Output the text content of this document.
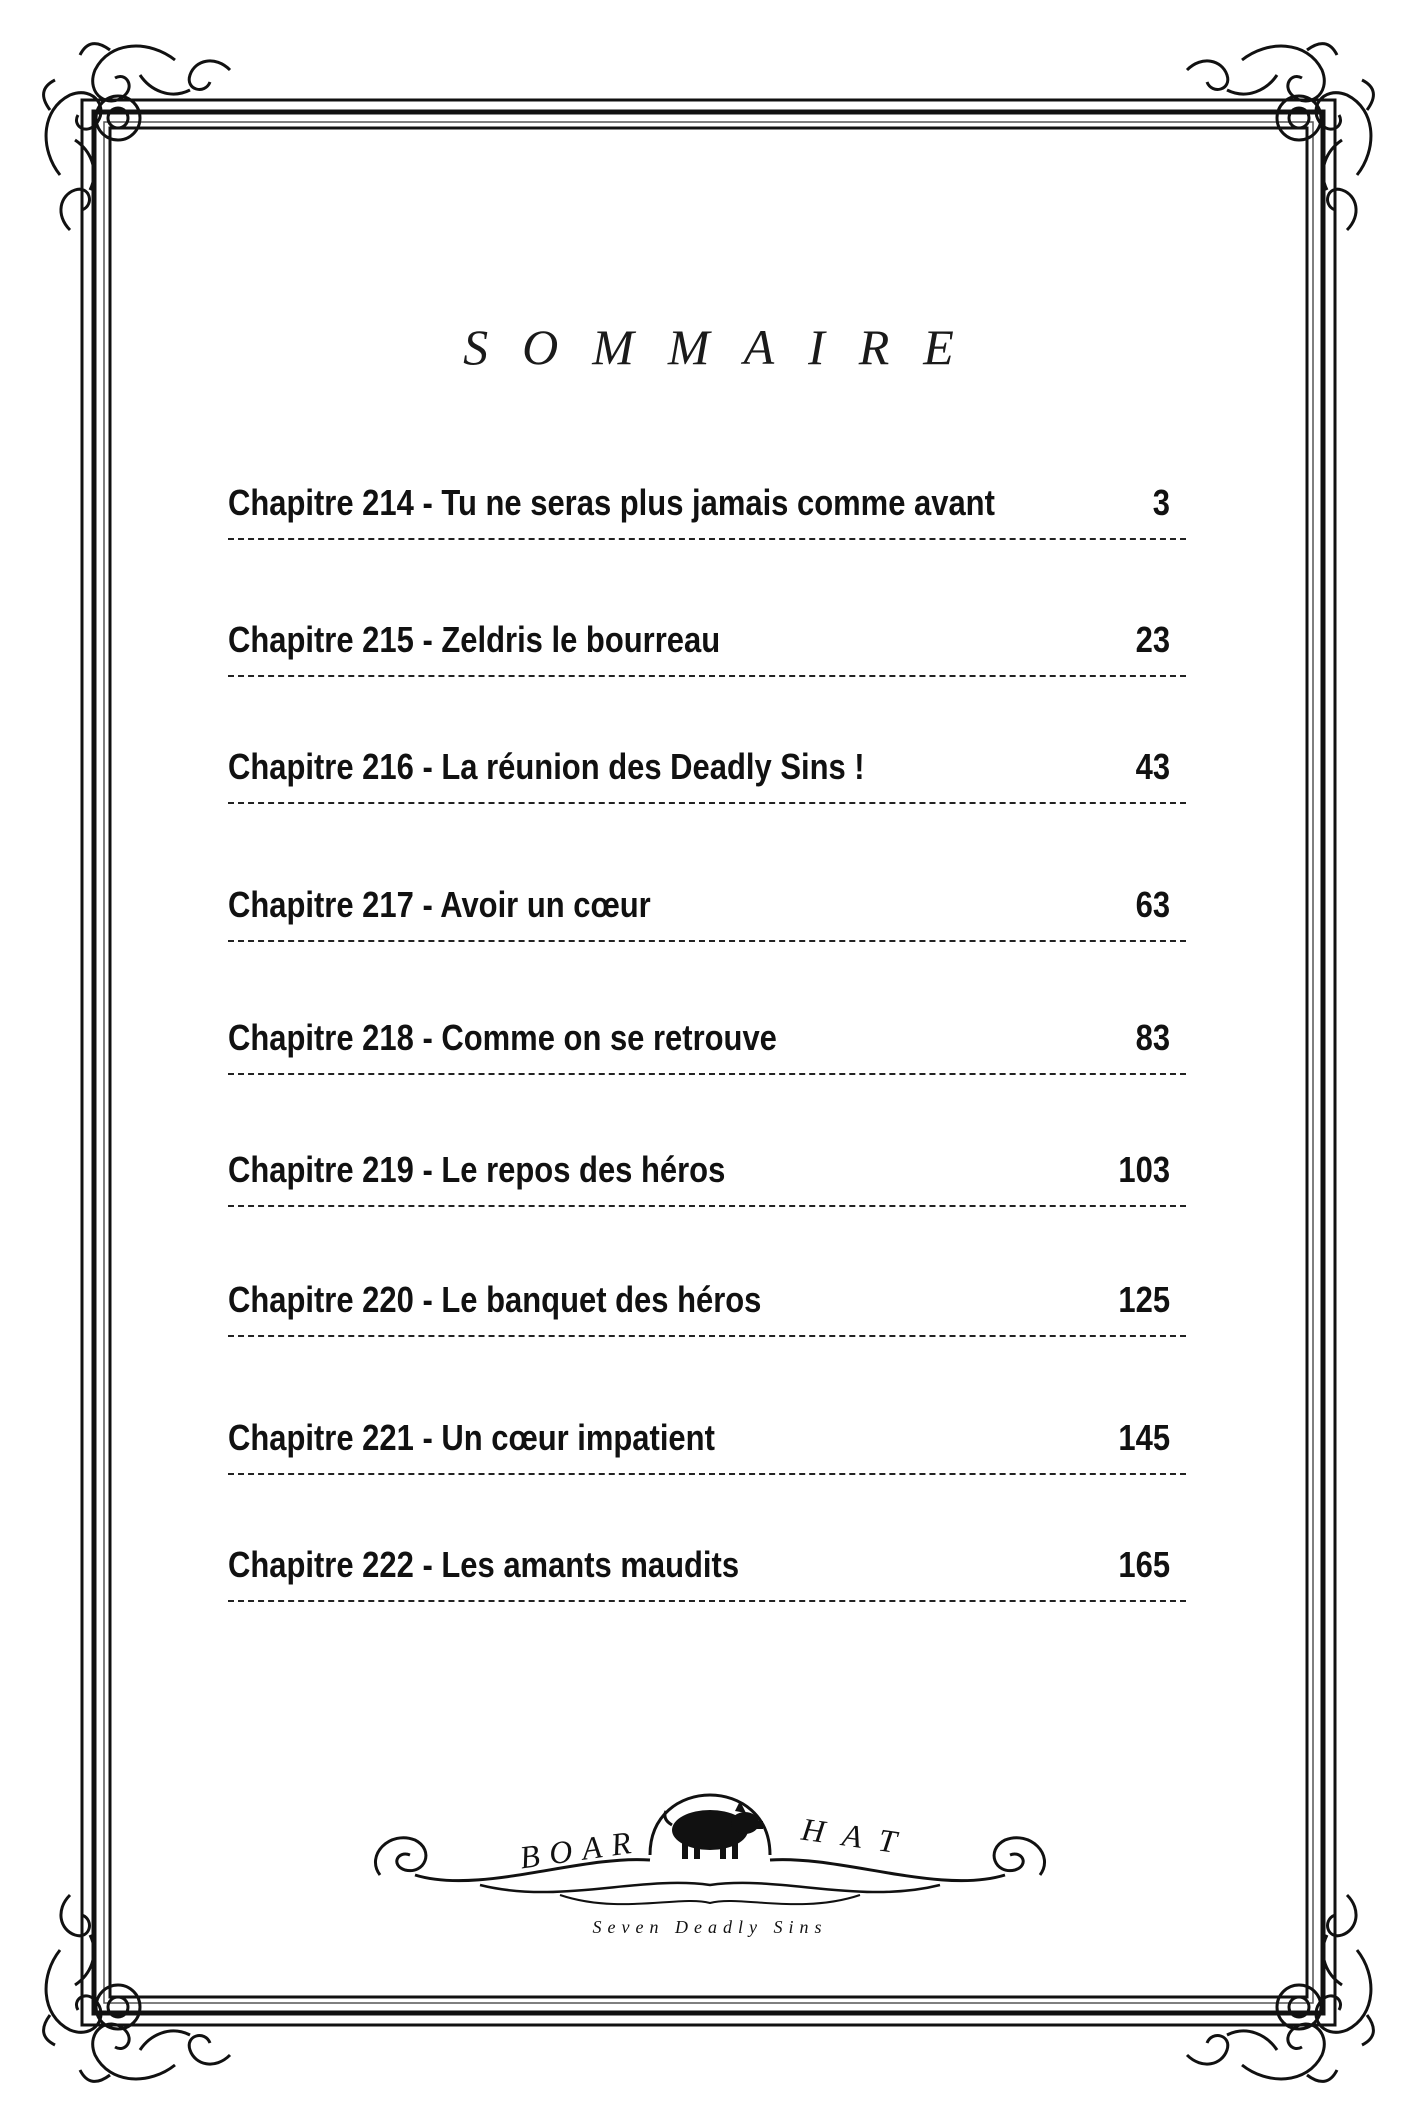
SOMMAIRE
Chapitre 214 - Tu ne seras plus jamais comme avant	3
Chapitre 215 - Zeldris le bourreau	23
Chapitre 216 - La réunion des Deadly Sins !	43
Chapitre 217 - Avoir un cœur	63
Chapitre 218 - Comme on se retrouve	83
Chapitre 219 - Le repos des héros	103
Chapitre 220 - Le banquet des héros	125
Chapitre 221 - Un cœur impatient	145
Chapitre 222 - Les amants maudits	165
BOAR	HAT
Seven Deadly Sins
